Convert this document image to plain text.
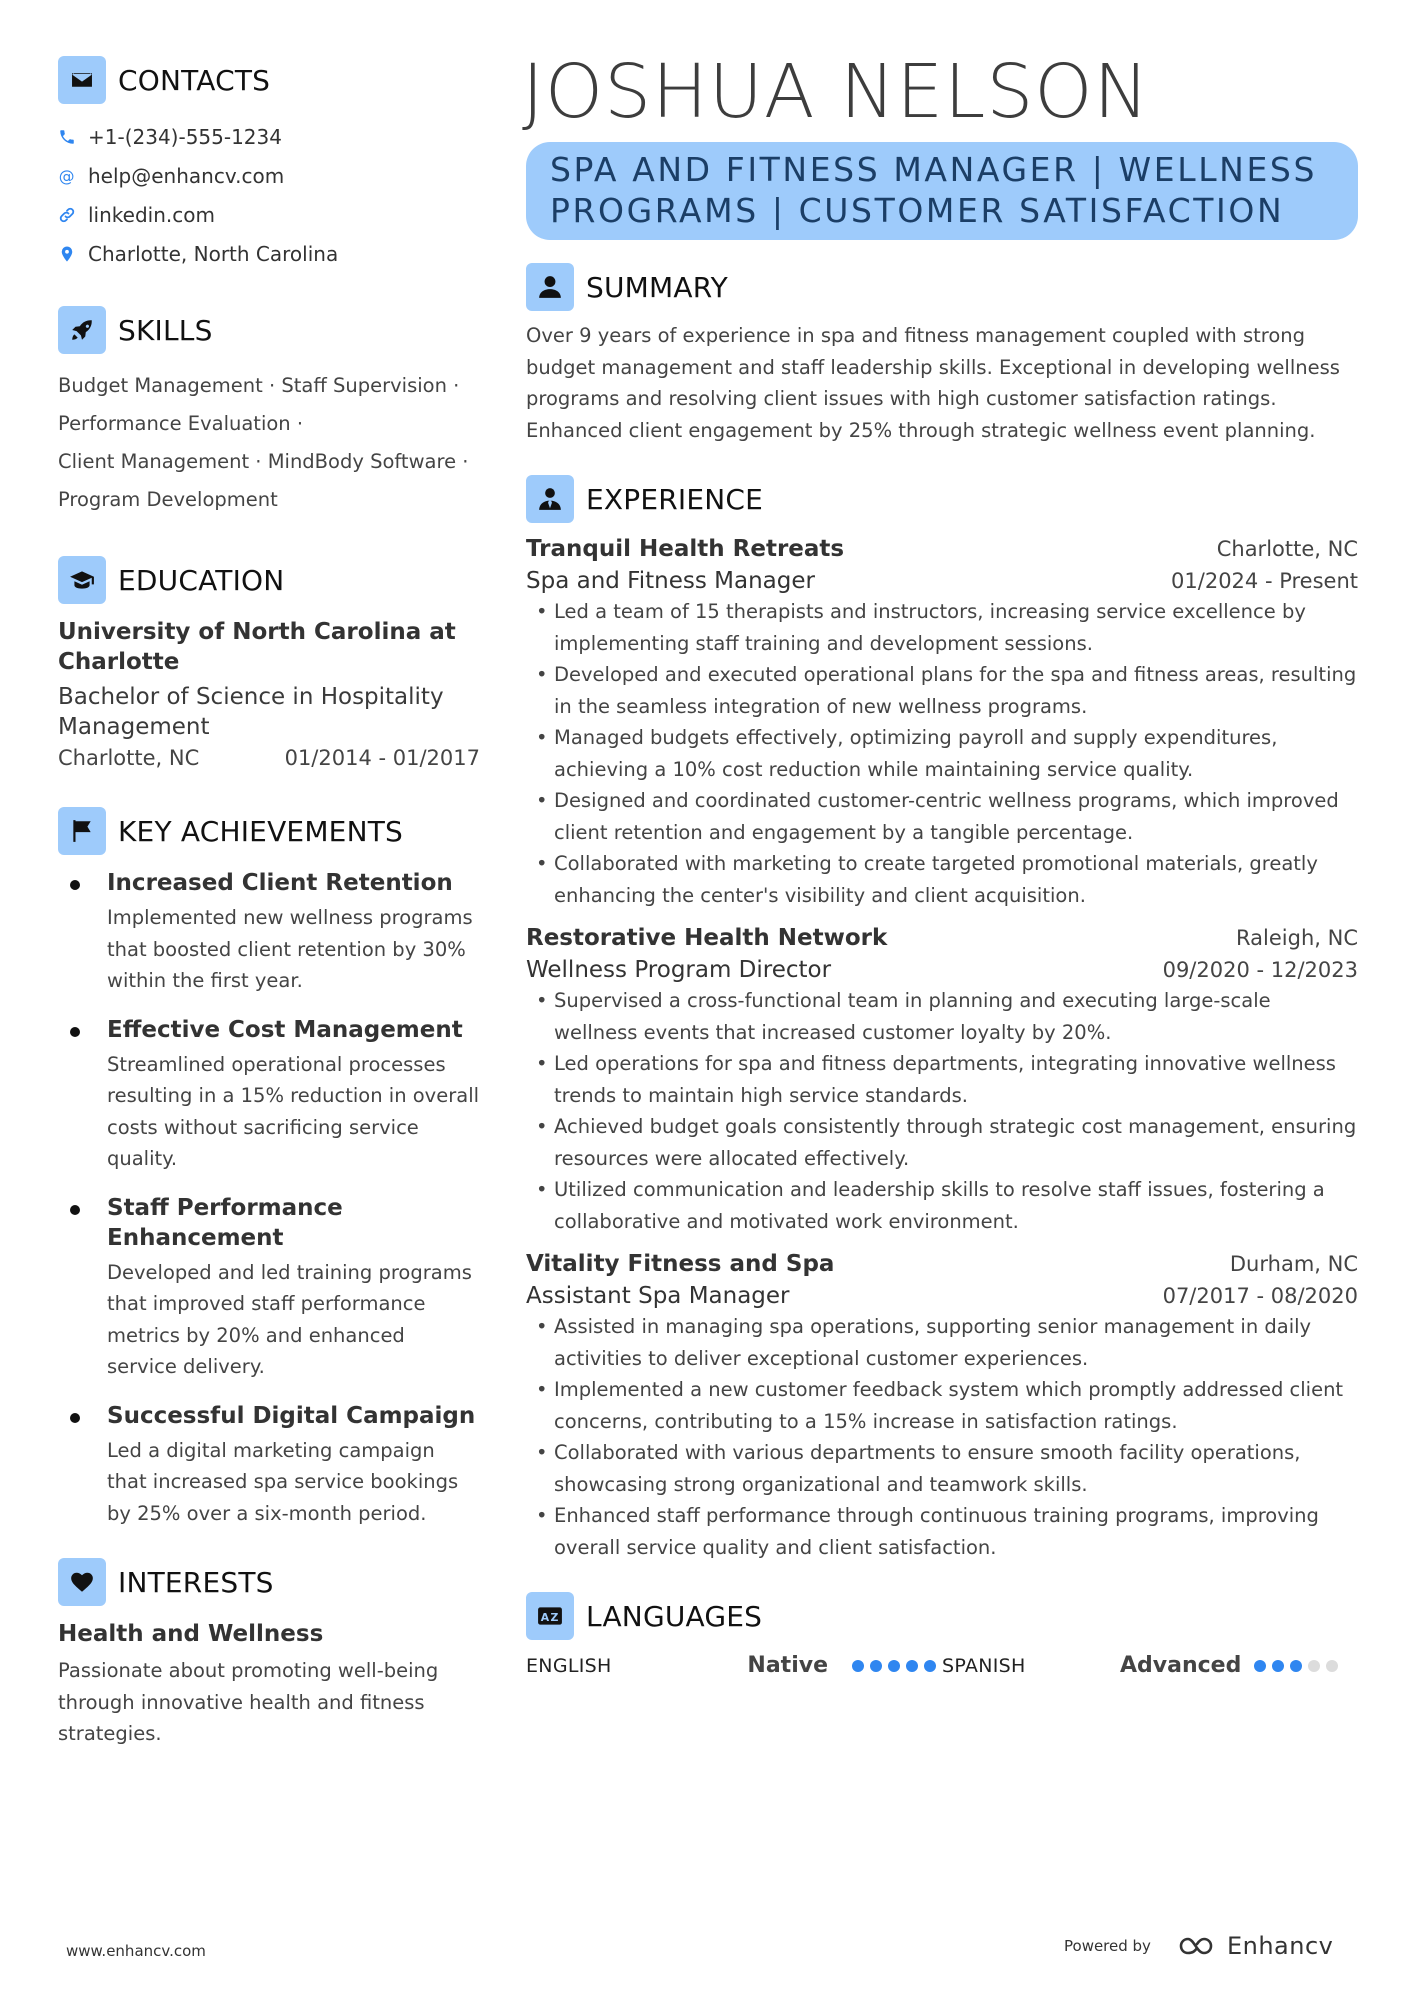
CONTACTS
+1-(234)-555-1234
@ help@enhancv.com
linkedin.com
Charlotte, North Carolina
SKILLS
Budget Management · Staff Supervision ·
Performance Evaluation ·
Client Management · MindBody Software ·
Program Development
EDUCATION
University of North Carolina at Charlotte
Bachelor of Science in Hospitality Management
Charlotte, NC	01/2014 - 01/2017
KEY ACHIEVEMENTS
Increased Client Retention
Implemented new wellness programs that boosted client retention by 30% within the first year.
Effective Cost Management
Streamlined operational processes resulting in a 15% reduction in overall costs without sacrificing service quality.
Staff Performance Enhancement
Developed and led training programs that improved staff performance metrics by 20% and enhanced service delivery.
Successful Digital Campaign
Led a digital marketing campaign that increased spa service bookings by 25% over a six-month period.
INTERESTS
Health and Wellness
Passionate about promoting well-being through innovative health and fitness strategies.
JOSHUA NELSON
SPA AND FITNESS MANAGER | WELLNESS PROGRAMS | CUSTOMER SATISFACTION
SUMMARY
Over 9 years of experience in spa and fitness management coupled with strong budget management and staff leadership skills. Exceptional in developing wellness programs and resolving client issues with high customer satisfaction ratings. Enhanced client engagement by 25% through strategic wellness event planning.
EXPERIENCE
Tranquil Health Retreats	Charlotte, NC
Spa and Fitness Manager	01/2024 - Present
• Led a team of 15 therapists and instructors, increasing service excellence by implementing staff training and development sessions.
• Developed and executed operational plans for the spa and fitness areas, resulting in the seamless integration of new wellness programs.
• Managed budgets effectively, optimizing payroll and supply expenditures, achieving a 10% cost reduction while maintaining service quality.
• Designed and coordinated customer-centric wellness programs, which improved client retention and engagement by a tangible percentage.
• Collaborated with marketing to create targeted promotional materials, greatly enhancing the center's visibility and client acquisition.
Restorative Health Network	Raleigh, NC
Wellness Program Director	09/2020 - 12/2023
• Supervised a cross-functional team in planning and executing large-scale wellness events that increased customer loyalty by 20%.
• Led operations for spa and fitness departments, integrating innovative wellness trends to maintain high service standards.
• Achieved budget goals consistently through strategic cost management, ensuring resources were allocated effectively.
• Utilized communication and leadership skills to resolve staff issues, fostering a collaborative and motivated work environment.
Vitality Fitness and Spa	Durham, NC
Assistant Spa Manager	07/2017 - 08/2020
• Assisted in managing spa operations, supporting senior management in daily activities to deliver exceptional customer experiences.
• Implemented a new customer feedback system which promptly addressed client concerns, contributing to a 15% increase in satisfaction ratings.
• Collaborated with various departments to ensure smooth facility operations, showcasing strong organizational and teamwork skills.
• Enhanced staff performance through continuous training programs, improving overall service quality and client satisfaction.
A Z LANGUAGES
ENGLISH	Native	SPANISH	Advanced
www.enhancv.com	Powered by	Enhancv
